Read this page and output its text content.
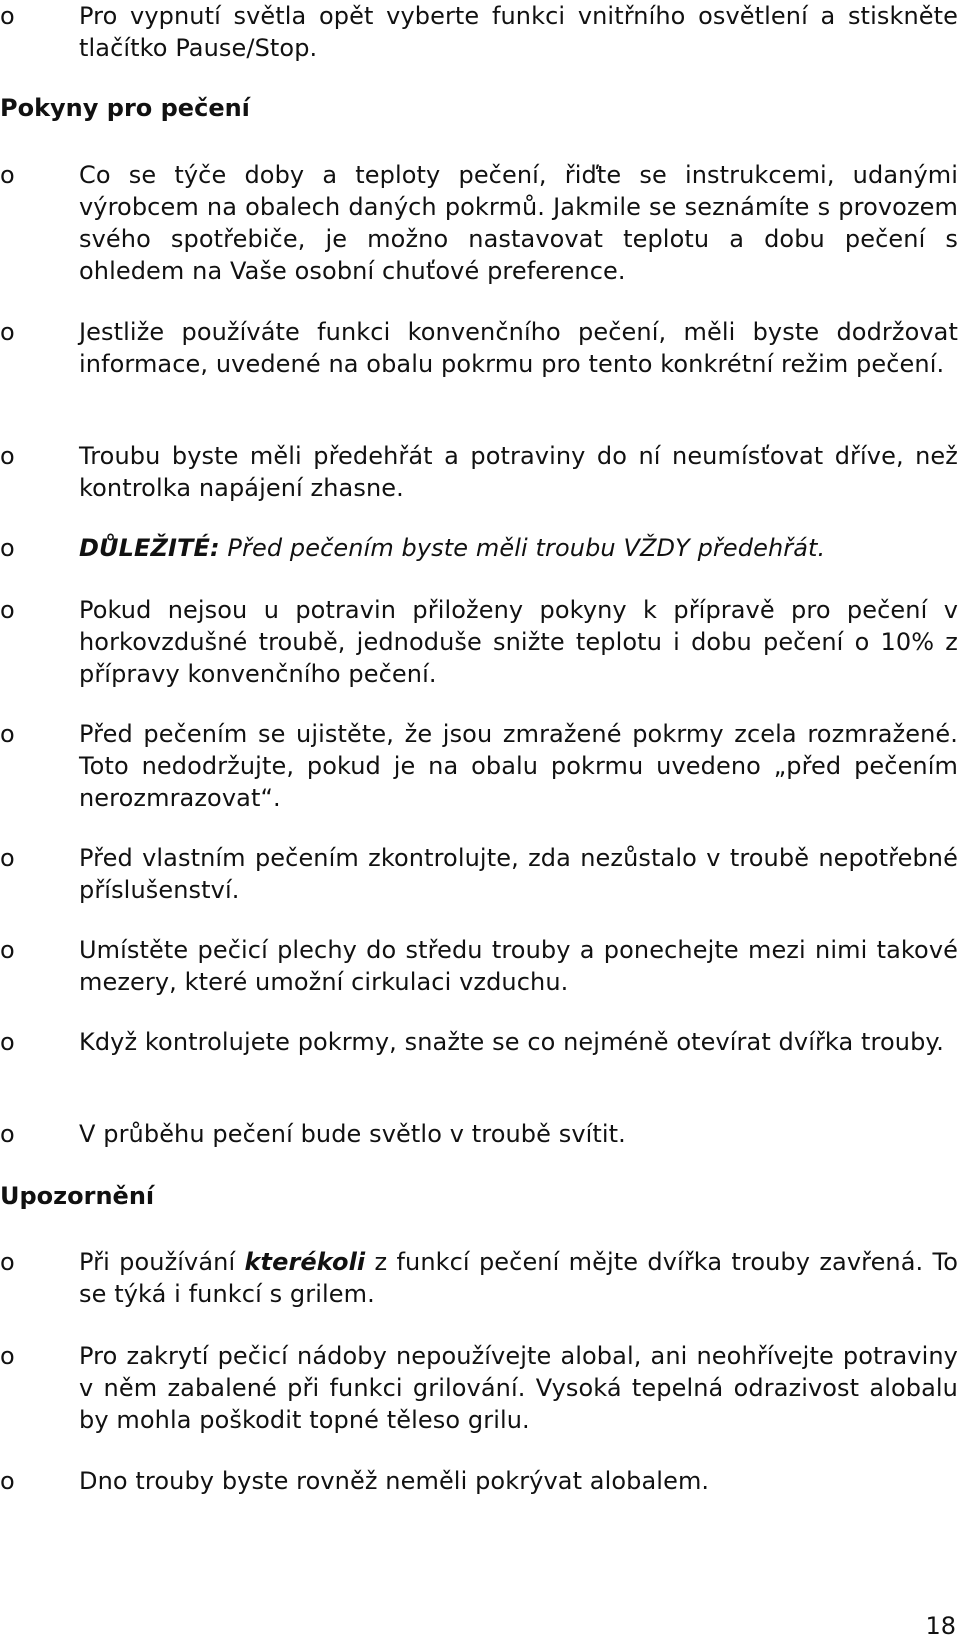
o	Pro vypnutí světla opět vyberte funkci vnitřního osvětlení a stiskněte tlačítko Pause/Stop.
Pokyny pro pečení
o	Co se týče doby a teploty pečení, řiďte se instrukcemi, udanými výrobcem na obalech daných pokrmů. Jakmile se seznámíte s provozem svého spotřebiče, je možno nastavovat teplotu a dobu pečení s ohledem na Vaše osobní chuťové preference.
o	Jestliže používáte funkci konvenčního pečení, měli byste dodržovat informace, uvedené na obalu pokrmu pro tento konkrétní režim pečení.
o	Troubu byste měli předehřát a potraviny do ní neumísťovat dříve, než kontrolka napájení zhasne.
o	DŮLEŽITÉ: Před pečením byste měli troubu VŽDY předehřát.
o	Pokud nejsou u potravin přiloženy pokyny k přípravě pro pečení v horkovzdušné troubě, jednoduše snižte teplotu i dobu pečení o 10% z přípravy konvenčního pečení.
o	Před pečením se ujistěte, že jsou zmražené pokrmy zcela rozmražené. Toto nedodržujte, pokud je na obalu pokrmu uvedeno „před pečením nerozmrazovat“.
o	Před vlastním pečením zkontrolujte, zda nezůstalo v troubě nepotřebné příslušenství.
o	Umístěte pečicí plechy do středu trouby a ponechejte mezi nimi takové mezery, které umožní cirkulaci vzduchu.
o	Když kontrolujete pokrmy, snažte se co nejméně otevírat dvířka trouby.
o	V průběhu pečení bude světlo v troubě svítit.
Upozornění
o	Při používání kterékoli z funkcí pečení mějte dvířka trouby zavřená. To se týká i funkcí s grilem.
o	Pro zakrytí pečicí nádoby nepoužívejte alobal, ani neohřívejte potraviny v něm zabalené při funkci grilování. Vysoká tepelná odrazivost alobalu by mohla poškodit topné těleso grilu.
o	Dno trouby byste rovněž neměli pokrývat alobalem.
18
